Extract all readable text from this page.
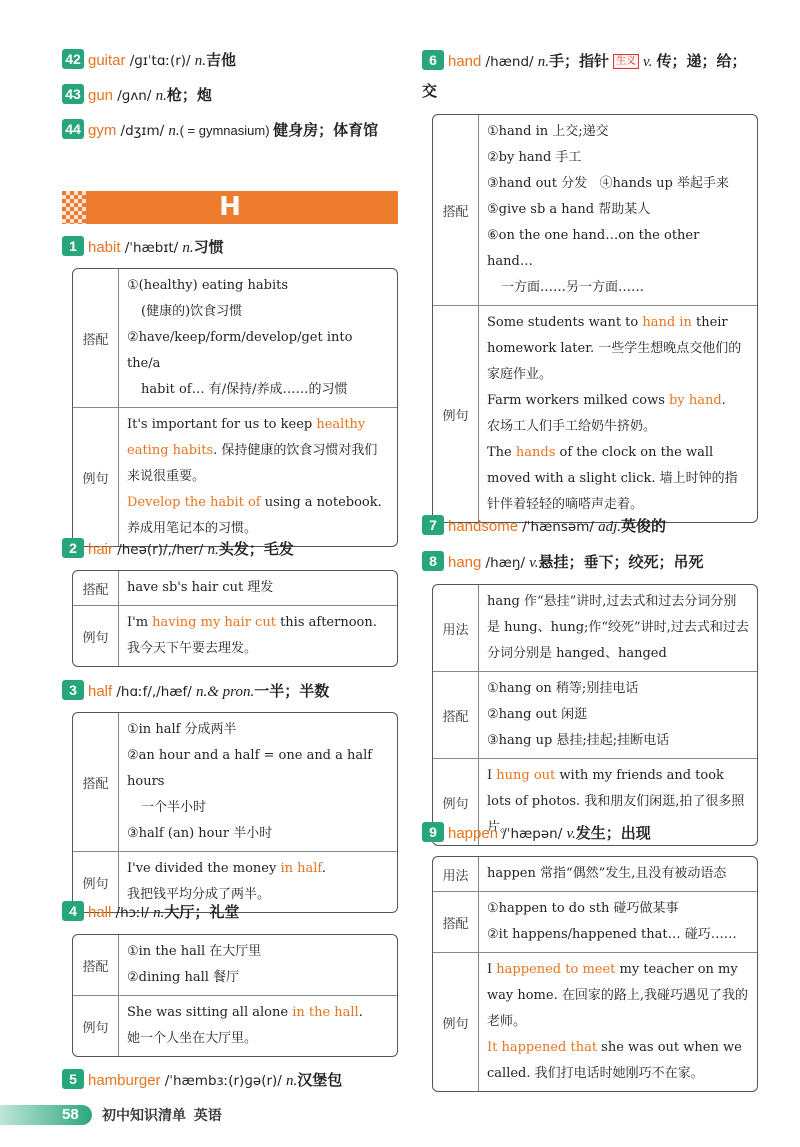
42 guitar /ɡɪˈtɑː(r)/ n.吉他
43 gun /ɡʌn/ n.枪；炮
44 gym /dʒɪm/ n.( = gymnasium) 健身房；体育馆
1 habit /ˈhæbɪt/ n.习惯
搭配
①(healthy) eating habits
(健康的)饮食习惯
②have/keep/form/develop/get into the/a
habit of… 有/保持/养成……的习惯
例句
It's important for us to keep healthy eating habits. 保持健康的饮食习惯对我们来说很重要。
Develop the habit of using a notebook.
养成用笔记本的习惯。
2 hair /heə(r)/,/her/ n.头发；毛发
搭配	have sb's hair cut 理发
例句
I'm having my hair cut this afternoon.
我今天下午要去理发。
3 half /hɑːf/,/hæf/ n.& pron.一半；半数
搭配
①in half 分成两半
②an hour and a half = one and a half hours
一个半小时
③half (an) hour 半小时
例句
I've divided the money in half.
我把钱平均分成了两半。
4 hall /hɔːl/ n.大厅；礼堂
搭配
①in the hall 在大厅里
②dining hall 餐厅
例句
She was sitting all alone in the hall.
她一个人坐在大厅里。
5 hamburger /ˈhæmbɜː(r)ɡə(r)/ n.汉堡包
H
6 hand /hænd/ n.手；指针 生义 v. 传；递；给；交
搭配
①hand in 上交;递交
②by hand 手工
③hand out 分发   ④hands up 举起手来
⑤give sb a hand 帮助某人
⑥on the one hand…on the other hand…
一方面……另一方面……
例句
Some students want to hand in their homework later. 一些学生想晚点交他们的家庭作业。
Farm workers milked cows by hand.
农场工人们手工给奶牛挤奶。
The hands of the clock on the wall moved with a slight click. 墙上时钟的指针伴着轻轻的嘀嗒声走着。
7 handsome /ˈhænsəm/ adj.英俊的
8 hang /hæŋ/ v.悬挂；垂下；绞死；吊死
用法
hang 作“悬挂”讲时,过去式和过去分词分别是 hung、hung;作“绞死”讲时,过去式和过去分词分别是 hanged、hanged
搭配
①hang on 稍等;别挂电话
②hang out 闲逛
③hang up 悬挂;挂起;挂断电话
例句
I hung out with my friends and took lots of photos. 我和朋友们闲逛,拍了很多照片。
9 happen /ˈhæpən/ v.发生；出现
用法	happen 常指“偶然”发生,且没有被动语态
搭配
①happen to do sth 碰巧做某事
②it happens/happened that… 碰巧……
例句
I happened to meet my teacher on my way home. 在回家的路上,我碰巧遇见了我的老师。
It happened that she was out when we called. 我们打电话时她刚巧不在家。
58 初中知识清单  英语
